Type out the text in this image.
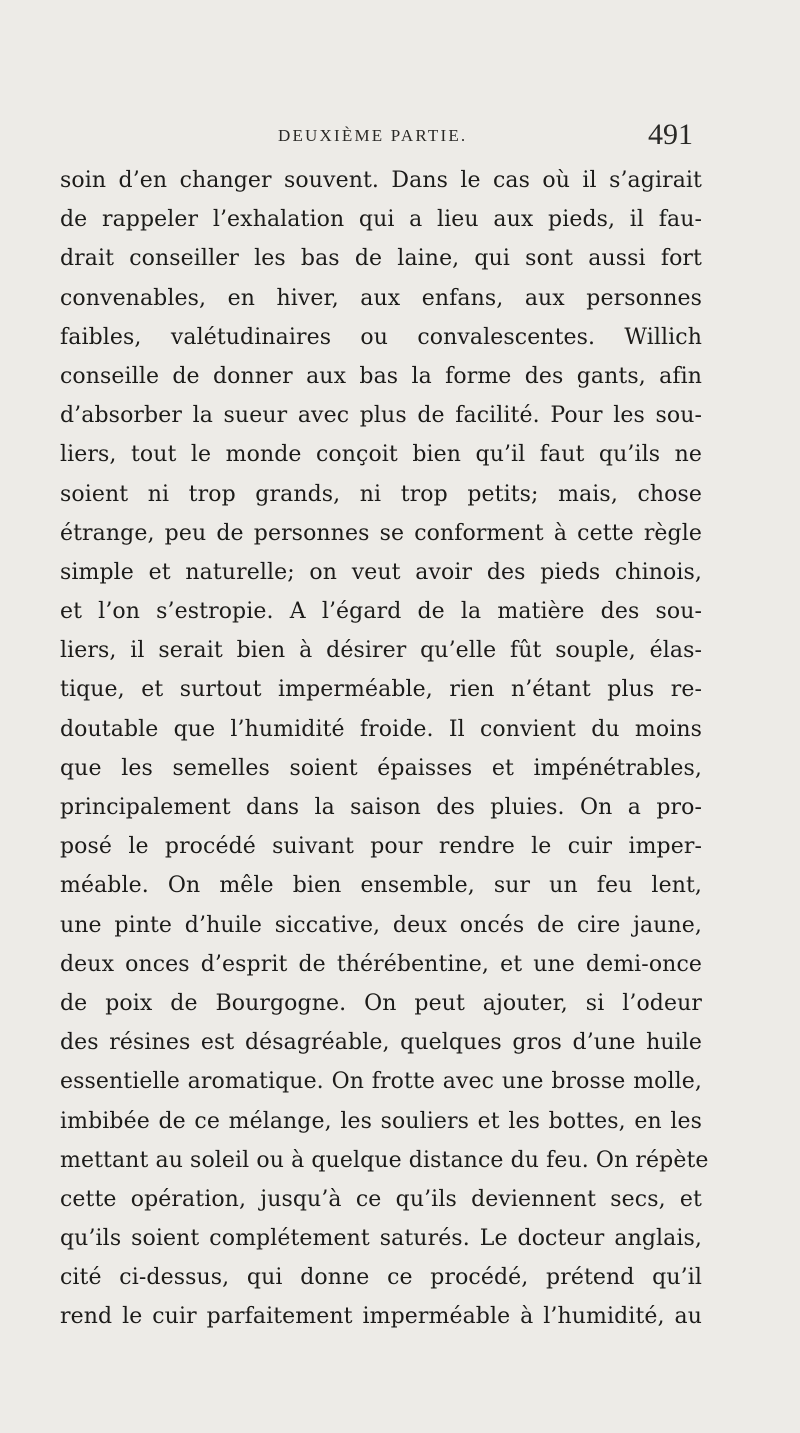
DEUXIÈME PARTIE.	491
soin d’en changer souvent. Dans le cas où il s’agirait
de rappeler l’exhalation qui a lieu aux pieds, il fau-
drait conseiller les bas de laine, qui sont aussi fort
convenables, en hiver, aux enfans, aux personnes
faibles, valétudinaires ou convalescentes. Willich
conseille de donner aux bas la forme des gants, afin
d’absorber la sueur avec plus de facilité. Pour les sou-
liers, tout le monde conçoit bien qu’il faut qu’ils ne
soient ni trop grands, ni trop petits; mais, chose
étrange, peu de personnes se conforment à cette règle
simple et naturelle; on veut avoir des pieds chinois,
et l’on s’estropie. A l’égard de la matière des sou-
liers, il serait bien à désirer qu’elle fût souple, élas-
tique, et surtout imperméable, rien n’étant plus re-
doutable que l’humidité froide. Il convient du moins
que les semelles soient épaisses et impénétrables,
principalement dans la saison des pluies. On a pro-
posé le procédé suivant pour rendre le cuir imper-
méable. On mêle bien ensemble, sur un feu lent,
une pinte d’huile siccative, deux oncés de cire jaune,
deux onces d’esprit de thérébentine, et une demi-once
de poix de Bourgogne. On peut ajouter, si l’odeur
des résines est désagréable, quelques gros d’une huile
essentielle aromatique. On frotte avec une brosse molle,
imbibée de ce mélange, les souliers et les bottes, en les
mettant au soleil ou à quelque distance du feu. On répète
cette opération, jusqu’à ce qu’ils deviennent secs, et
qu’ils soient complétement saturés. Le docteur anglais,
cité ci-dessus, qui donne ce procédé, prétend qu’il
rend le cuir parfaitement imperméable à l’humidité, au
